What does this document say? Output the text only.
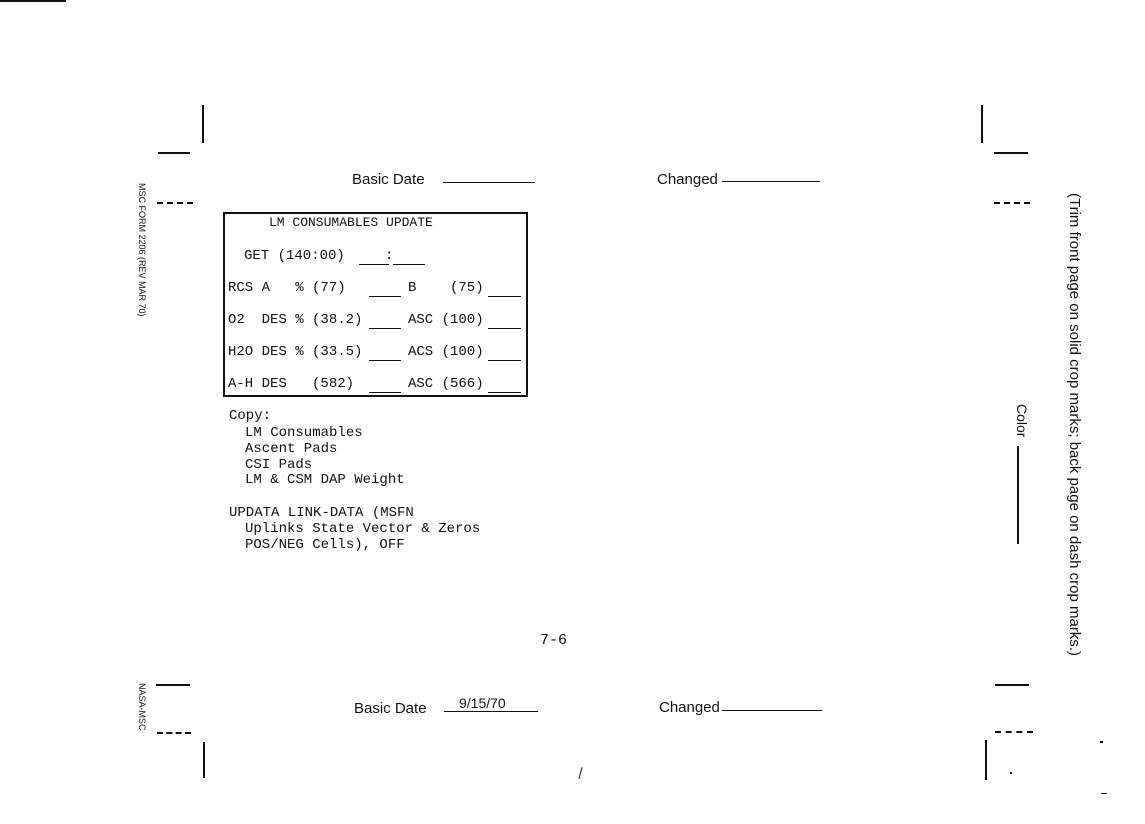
MSC FORM 2206 (REV MAR 70)
NASA-MSC
Basic Date	Changed
LM CONSUMABLES UPDATE
GET (140:00)	:
RCS A   % (77)	B    (75)
O2  DES % (38.2)	ASC (100)
H2O DES % (33.5)	ACS (100)
A-H DES   (582)	ASC (566)
Copy:
LM Consumables
Ascent Pads
CSI Pads
LM & CSM DAP Weight
UPDATA LINK-DATA (MSFN
Uplinks State Vector & Zeros
POS/NEG Cells), OFF
7-6
Basic Date 9/15/70	Changed
Color (Trim front page on solid crop marks; back page on dash crop marks.)
